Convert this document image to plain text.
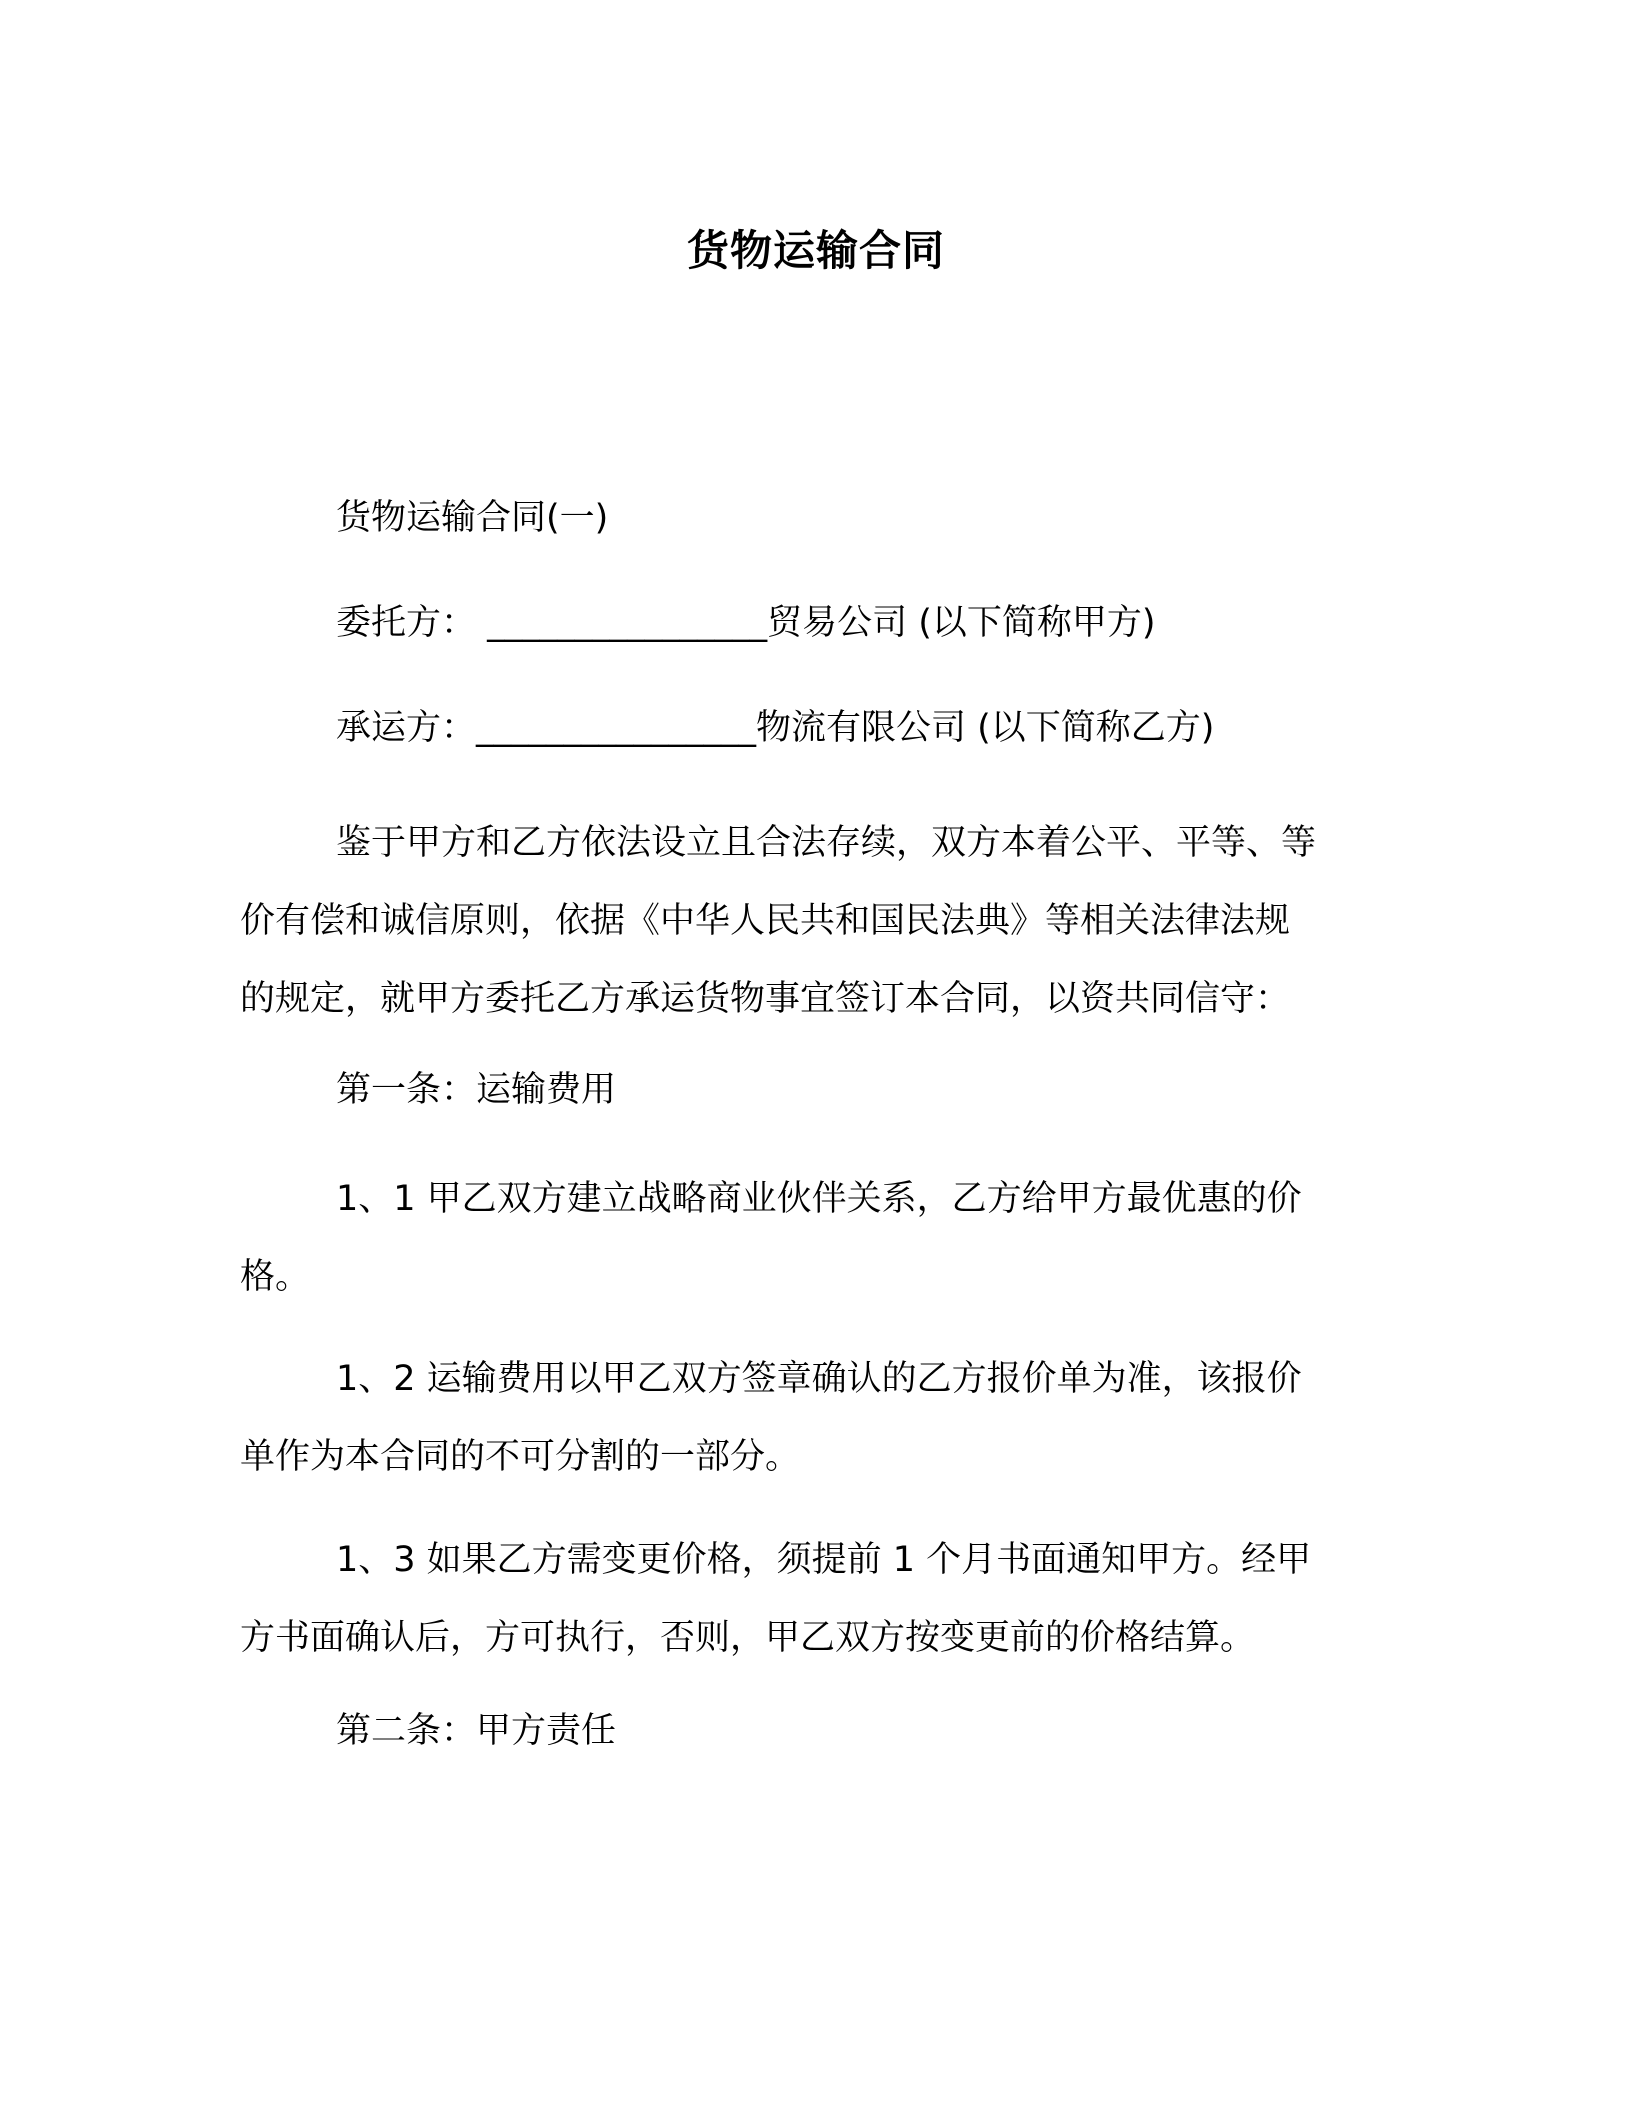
货物运输合同
货物运输合同(一)
委托方： ________________贸易公司 (以下简称甲方)
承运方：________________物流有限公司 (以下简称乙方)
鉴于甲方和乙方依法设立且合法存续，双方本着公平、平等、等
价有偿和诚信原则，依据《中华人民共和国民法典》等相关法律法规
的规定，就甲方委托乙方承运货物事宜签订本合同，以资共同信守：
第一条：运输费用
1、1 甲乙双方建立战略商业伙伴关系，乙方给甲方最优惠的价
格。
1、2 运输费用以甲乙双方签章确认的乙方报价单为准，该报价
单作为本合同的不可分割的一部分。
1、3 如果乙方需变更价格，须提前 1 个月书面通知甲方。经甲
方书面确认后，方可执行，否则，甲乙双方按变更前的价格结算。
第二条：甲方责任
